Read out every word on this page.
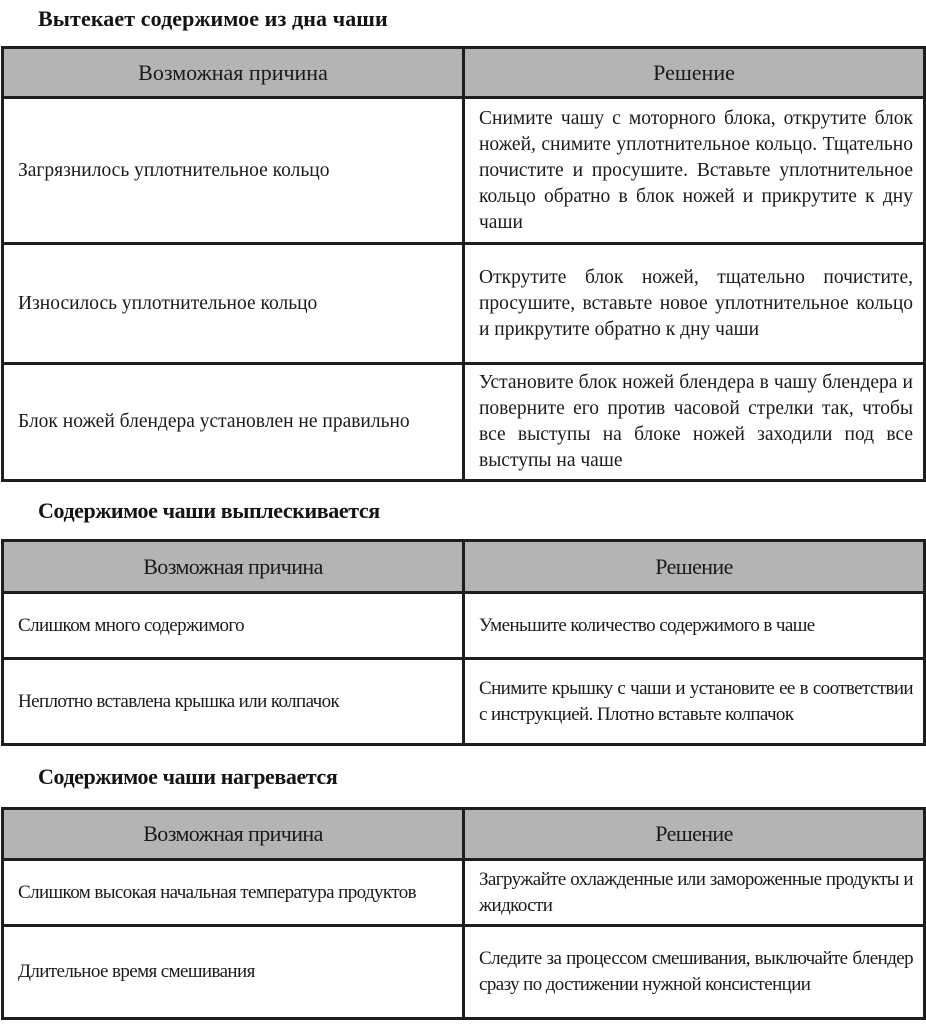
Вытекает содержимое из дна чаши
Возможная причина	Решение
Загрязнилось уплотнительное кольцо	Снимите чашу с моторного блока, открутите блок ножей, снимите уплотнительное кольцо. Тщательно почистите и просушите. Вставьте уплотнительное кольцо обратно в блок ножей и прикрутите к дну чаши
Износилось уплотнительное кольцо	Открутите блок ножей, тщательно почистите, просушите, вставьте новое уплотнительное кольцо и прикрутите обратно к дну чаши
Блок ножей блендера установлен не правильно	Установите блок ножей блендера в чашу блендера и поверните его против часовой стрелки так, чтобы все выступы на блоке ножей заходили под все выступы на чаше
Содержимое чаши выплескивается
Возможная причина	Решение
Слишком много содержимого	Уменьшите количество содержимого в чаше
Неплотно вставлена крышка или колпачок	Снимите крышку с чаши и установите ее в соответствии с инструкцией. Плотно вставьте колпачок
Содержимое чаши нагревается
Возможная причина	Решение
Слишком высокая начальная температура продуктов	Загружайте охлажденные или замороженные продукты и жидкости
Длительное время смешивания	Следите за процессом смешивания, выключайте блендер сразу по достижении нужной консистенции
